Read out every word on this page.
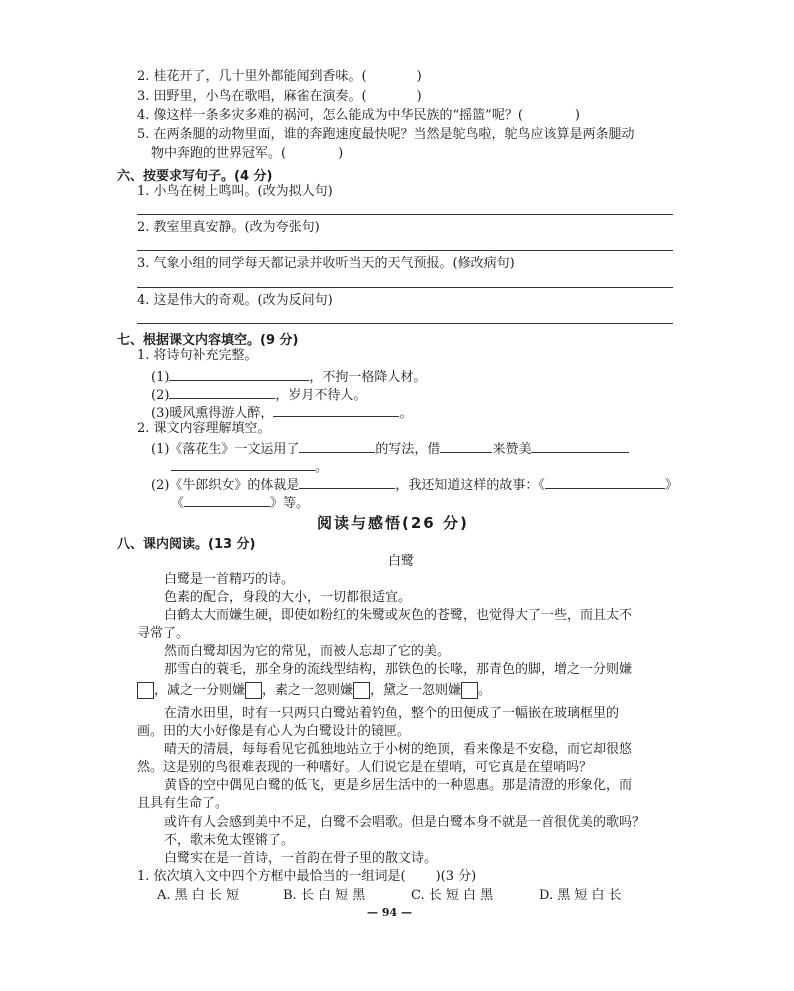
2. 桂花开了，几十里外都能闻到香味。(	)
3. 田野里，小鸟在歌唱，麻雀在演奏。(	)
4. 像这样一条多灾多难的祸河，怎么能成为中华民族的“摇篮”呢？(	)
5. 在两条腿的动物里面，谁的奔跑速度最快呢？当然是鸵鸟啦，鸵鸟应该算是两条腿动
物中奔跑的世界冠军。(	)
六、按要求写句子。(4 分)
1. 小鸟在树上鸣叫。(改为拟人句)
2. 教室里真安静。(改为夸张句)
3. 气象小组的同学每天都记录并收听当天的天气预报。(修改病句)
4. 这是伟大的奇观。(改为反问句)
七、根据课文内容填空。(9 分)
1. 将诗句补充完整。
(1)	，不拘一格降人材。
(2)	，岁月不待人。
(3)暖风熏得游人醉，	。
2. 课文内容理解填空。
(1)《落花生》一文运用了	的写法，借	来赞美
。
(2)《牛郎织女》的体裁是	，我还知道这样的故事：《	》
《	》等。
阅读与感悟(26 分)
八、课内阅读。(13 分)
白鹭
白鹭是一首精巧的诗。
色素的配合，身段的大小，一切都很适宜。
白鹤太大而嫌生硬，即使如粉红的朱鹭或灰色的苍鹭，也觉得大了一些，而且太不
寻常了。
然而白鹭却因为它的常见，而被人忘却了它的美。
那雪白的蓑毛，那全身的流线型结构，那铁色的长喙，那青色的脚，增之一分则嫌
，减之一分则嫌 ，素之一忽则嫌 ，黛之一忽则嫌 。
在清水田里，时有一只两只白鹭站着钓鱼，整个的田便成了一幅嵌在玻璃框里的
画。田的大小好像是有心人为白鹭设计的镜匣。
晴天的清晨，每每看见它孤独地站立于小树的绝顶，看来像是不安稳，而它却很悠
然。这是别的鸟很难表现的一种嗜好。人们说它是在望哨，可它真是在望哨吗？
黄昏的空中偶见白鹭的低飞，更是乡居生活中的一种恩惠。那是清澄的形象化，而
且具有生命了。
或许有人会感到美中不足，白鹭不会唱歌。但是白鹭本身不就是一首很优美的歌吗？
不，歌未免太铿锵了。
白鹭实在是一首诗，一首韵在骨子里的散文诗。
1. 依次填入文中四个方框中最恰当的一组词是( )(3 分)
A. 黑 白 长 短	B. 长 白 短 黑	C. 长 短 白 黑	D. 黑 短 白 长
— 94 —
